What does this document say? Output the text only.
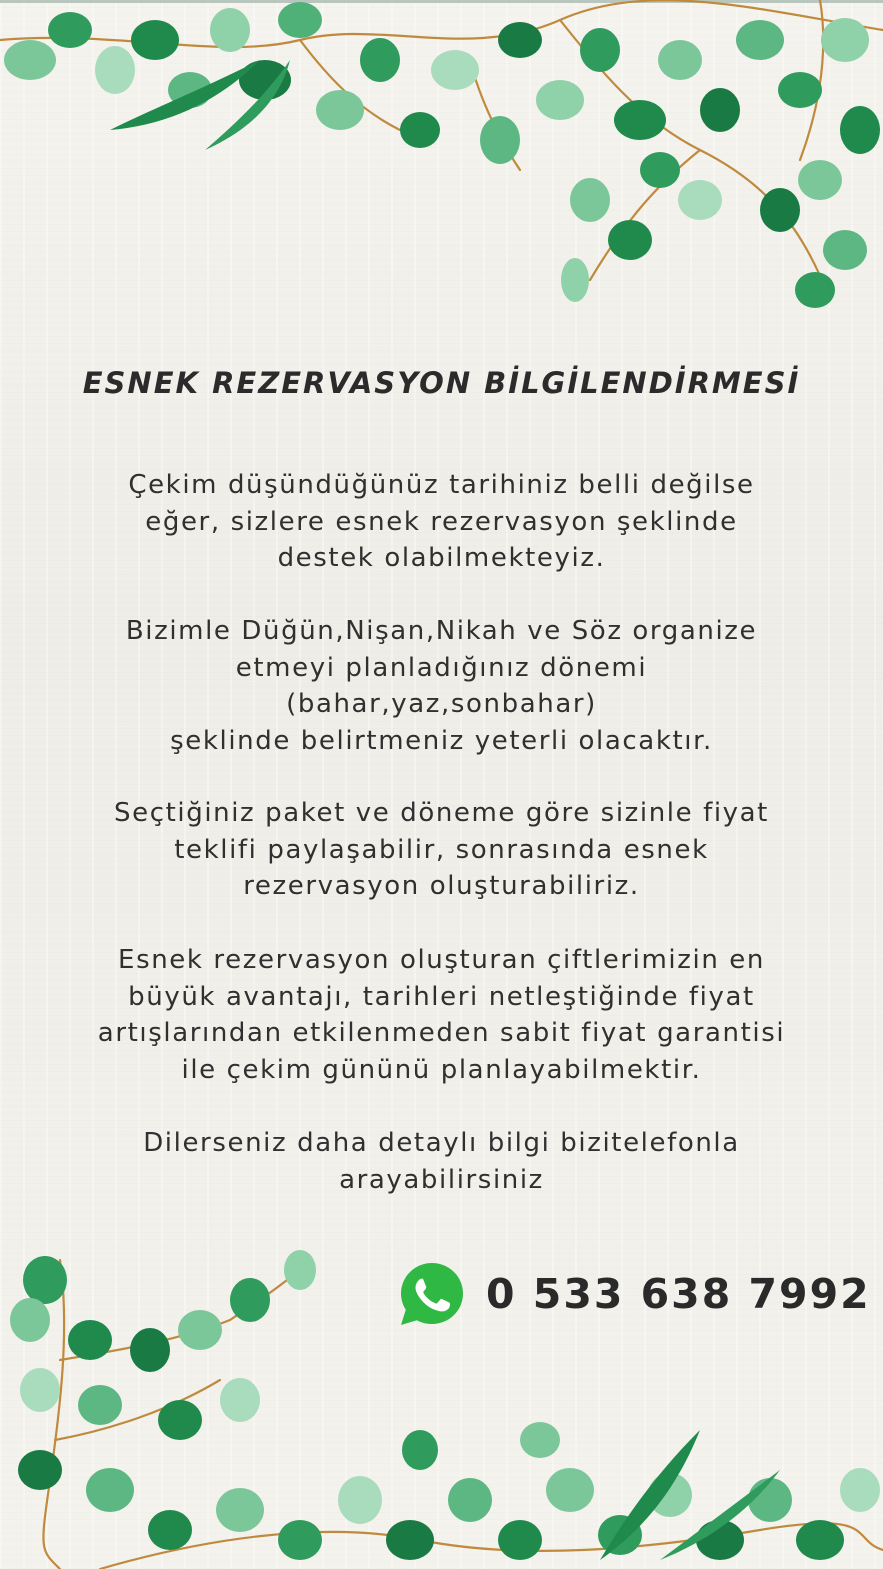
ESNEK REZERVASYON BİLGİLENDİRMESİ
Çekim düşündüğünüz tarihiniz belli değilse
eğer, sizlere esnek rezervasyon şeklinde
destek olabilmekteyiz.
Bizimle Düğün,Nişan,Nikah ve Söz organize
etmeyi planladığınız dönemi
(bahar,yaz,sonbahar)
şeklinde belirtmeniz yeterli olacaktır.
Seçtiğiniz paket ve döneme göre sizinle fiyat
teklifi paylaşabilir, sonrasında esnek
rezervasyon oluşturabiliriz.
Esnek rezervasyon oluşturan çiftlerimizin en
büyük avantajı, tarihleri netleştiğinde fiyat
artışlarından etkilenmeden sabit fiyat garantisi
ile çekim gününü planlayabilmektir.
Dilerseniz daha detaylı bilgi bizitelefonla
arayabilirsiniz
0 533 638 7992
